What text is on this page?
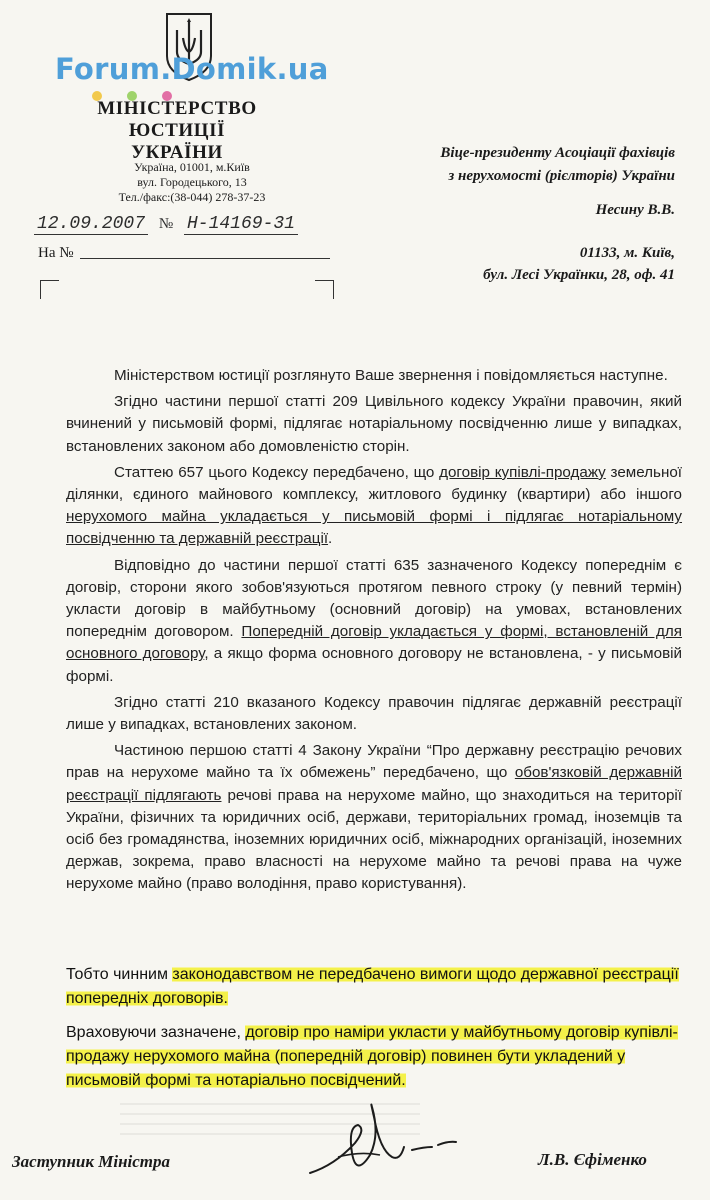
Forum.Domik.ua
МІНІСТЕРСТВО ЮСТИЦІЇ
УКРАЇНИ
Україна, 01001, м.Київ
вул. Городецького, 13
Тел./факс:(38-044) 278-37-23
12.09.2007 № Н-14169-31
На №
Віце-президенту Асоціації фахівців
з нерухомості (рієлторів) України
Несину В.В.
01133, м. Київ,
бул. Лесі Українки, 28, оф. 41

Міністерством юстиції розглянуто Ваше звернення і повідомляється наступне.

Згідно частини першої статті 209 Цивільного кодексу України правочин, який вчинений у письмовій формі, підлягає нотаріальному посвідченню лише у випадках, встановлених законом або домовленістю сторін.

Статтею 657 цього Кодексу передбачено, що договір купівлі-продажу земельної ділянки, єдиного майнового комплексу, житлового будинку (квартири) або іншого нерухомого майна укладається у письмовій формі і підлягає нотаріальному посвідченню та державній реєстрації.

Відповідно до частини першої статті 635 зазначеного Кодексу попереднім є договір, сторони якого зобов'язуються протягом певного строку (у певний термін) укласти договір в майбутньому (основний договір) на умовах, встановлених попереднім договором. Попередній договір укладається у формі, встановленій для основного договору, а якщо форма основного договору не встановлена, - у письмовій формі.

Згідно статті 210 вказаного Кодексу правочин підлягає державній реєстрації лише у випадках, встановлених законом.

Частиною першою статті 4 Закону України “Про державну реєстрацію речових прав на нерухоме майно та їх обмежень” передбачено, що обов'язковій державній реєстрації підлягають речові права на нерухоме майно, що знаходиться на території України, фізичних та юридичних осіб, держави, територіальних громад, іноземців та осіб без громадянства, іноземних юридичних осіб, міжнародних організацій, іноземних держав, зокрема, право власності на нерухоме майно та речові права на чуже нерухоме майно (право володіння, право користування).

Тобто чинним законодавством не передбачено вимоги щодо державної реєстрації попередніх договорів.

Враховуючи зазначене, договір про наміри укласти у майбутньому договір купівлі-продажу нерухомого майна (попередній договір) повинен бути укладений у письмовій формі та нотаріально посвідчений.

Заступник Міністра	Л.В. Єфіменко
